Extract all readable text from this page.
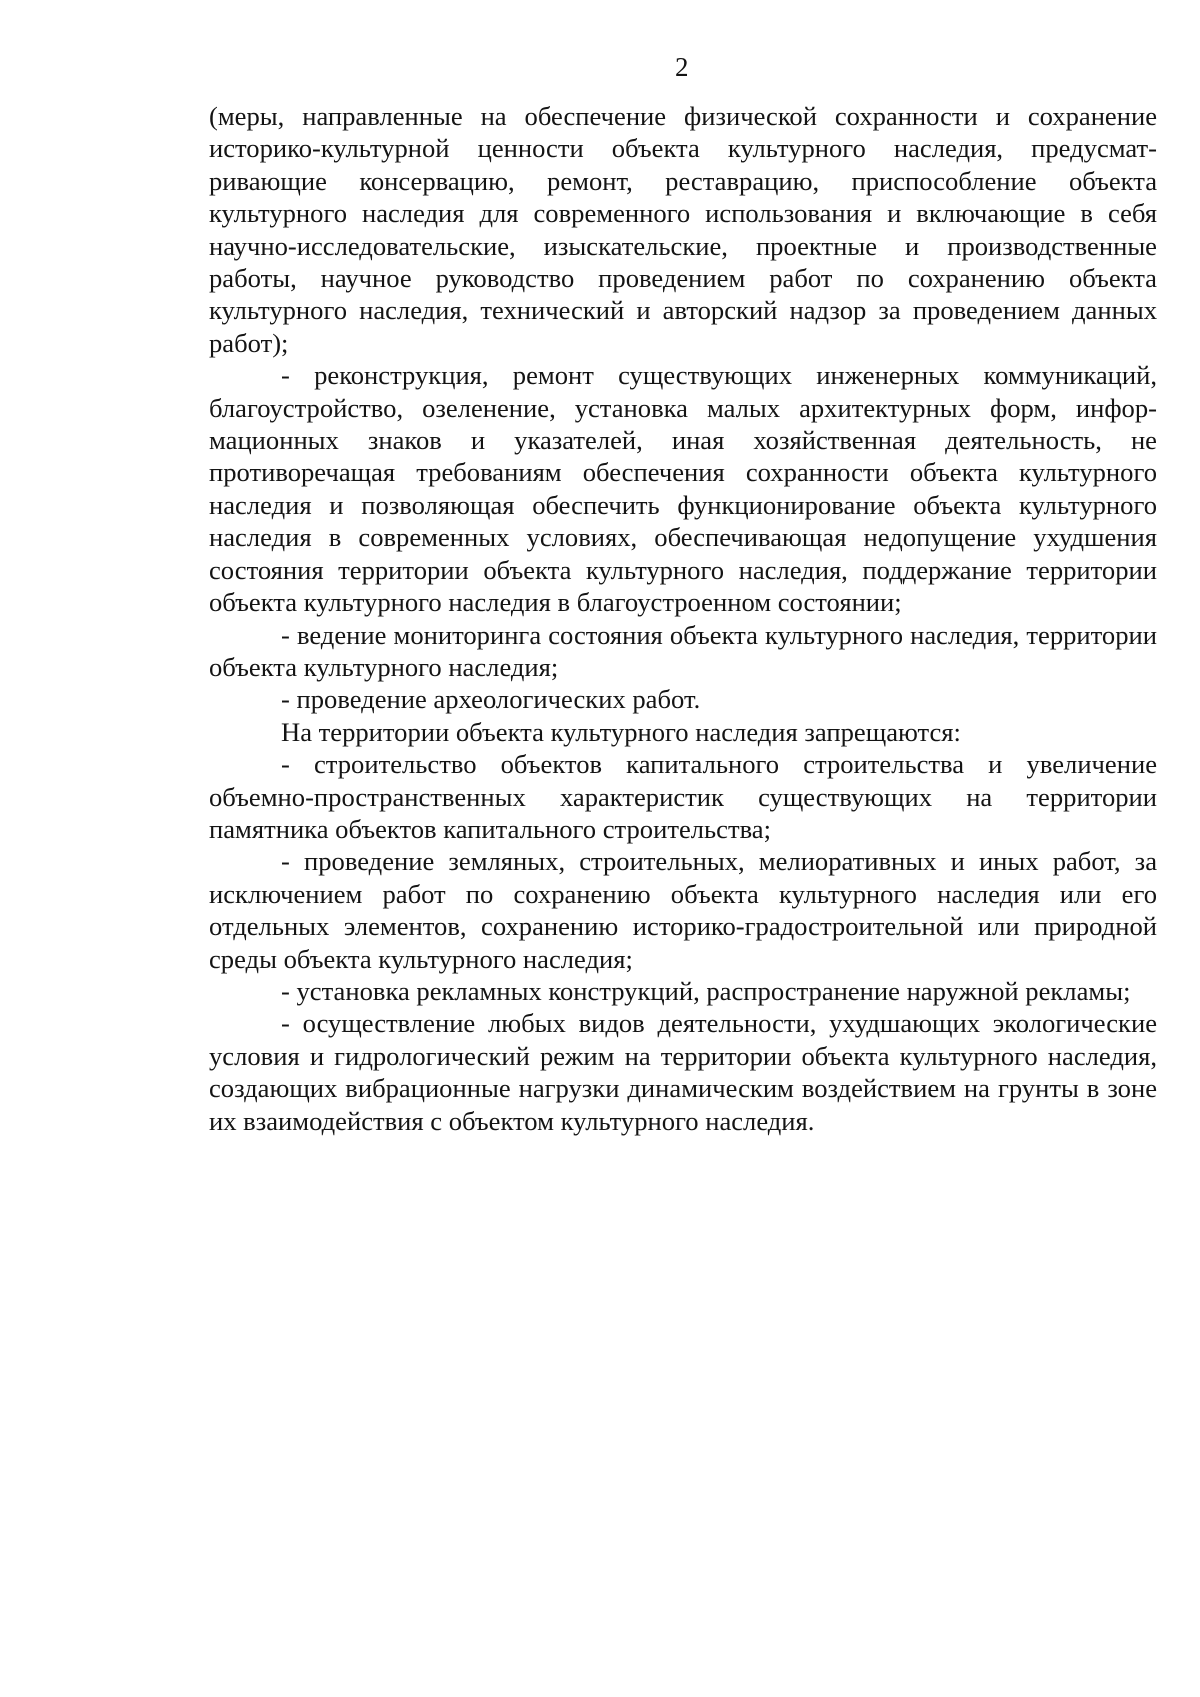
2

(меры, направленные на обеспечение физической сохранности и сохранение историко-культурной ценности объекта культурного наследия, предусматривающие консервацию, ремонт, реставрацию, приспособление объекта культурного наследия для современного использования и включающие в себя научно-исследовательские, изыскательские, проектные и производственные работы, научное руководство проведением работ по сохранению объекта культурного наследия, технический и авторский надзор за проведением данных работ);

- реконструкция, ремонт существующих инженерных коммуникаций, благоустройство, озеленение, установка малых архитектурных форм, информационных знаков и указателей, иная хозяйственная деятельность, не противоречащая требованиям обеспечения сохранности объекта культурного наследия и позволяющая обеспечить функционирование объекта культурного наследия в современных условиях, обеспечивающая недопущение ухудшения состояния территории объекта культурного наследия, поддержание территории объекта культурного наследия в благоустроенном состоянии;

- ведение мониторинга состояния объекта культурного наследия, территории объекта культурного наследия;

- проведение археологических работ.

На территории объекта культурного наследия запрещаются:

- строительство объектов капитального строительства и увеличение объемно-пространственных характеристик существующих на территории памятника объектов капитального строительства;

- проведение земляных, строительных, мелиоративных и иных работ, за исключением работ по сохранению объекта культурного наследия или его отдельных элементов, сохранению историко-градостроительной или природной среды объекта культурного наследия;

- установка рекламных конструкций, распространение наружной рекламы;

- осуществление любых видов деятельности, ухудшающих экологические условия и гидрологический режим на территории объекта культурного наследия, создающих вибрационные нагрузки динамическим воздействием на грунты в зоне их взаимодействия с объектом культурного наследия.
